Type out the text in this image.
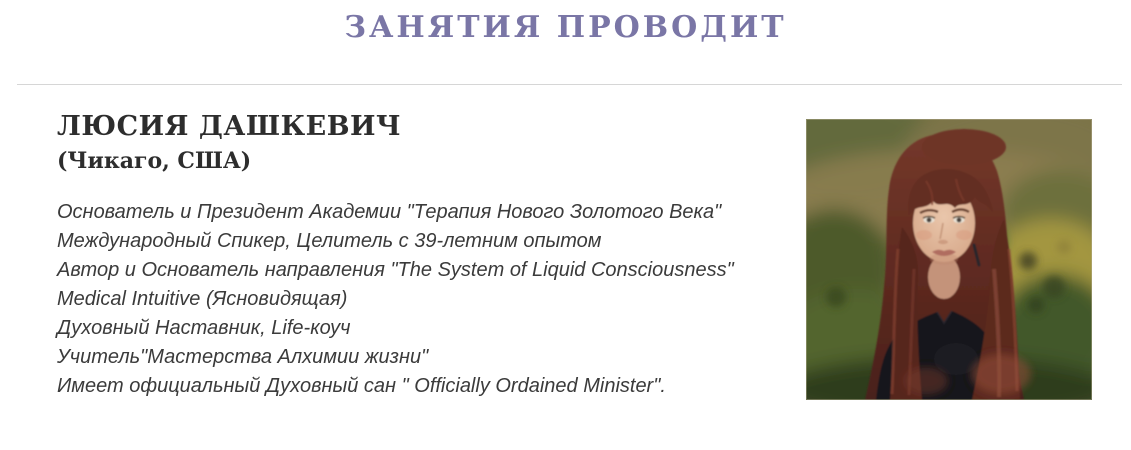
ЗАНЯТИЯ ПРОВОДИТ
ЛЮСИЯ ДАШКЕВИЧ
(Чикаго, США)

Основатель и Президент Академии "Терапия Нового Золотого Века"

Международный Спикер, Целитель с 39-летним опытом

Автор и Основатель направления "The System of Liquid Consciousness"

Medical Intuitive (Ясновидящая)

Духовный Наставник, Life-коуч

Учитель"Мастерства Алхимии жизни"

Имеет официальный Духовный сан " Officially Ordained Minister".
